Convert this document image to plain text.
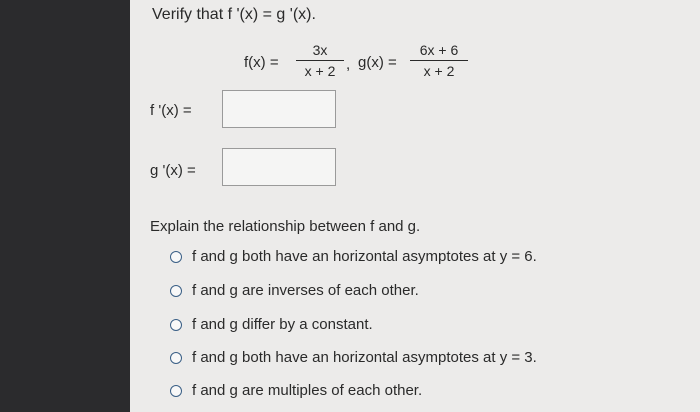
Verify that f '(x) = g '(x).
f(x) =
3x
x + 2 , g(x) =
6x + 6
x + 2
f '(x) =
g '(x) =
Explain the relationship between f and g.
f and g both have an horizontal asymptotes at y = 6.
f and g are inverses of each other.
f and g differ by a constant.
f and g both have an horizontal asymptotes at y = 3.
f and g are multiples of each other.
